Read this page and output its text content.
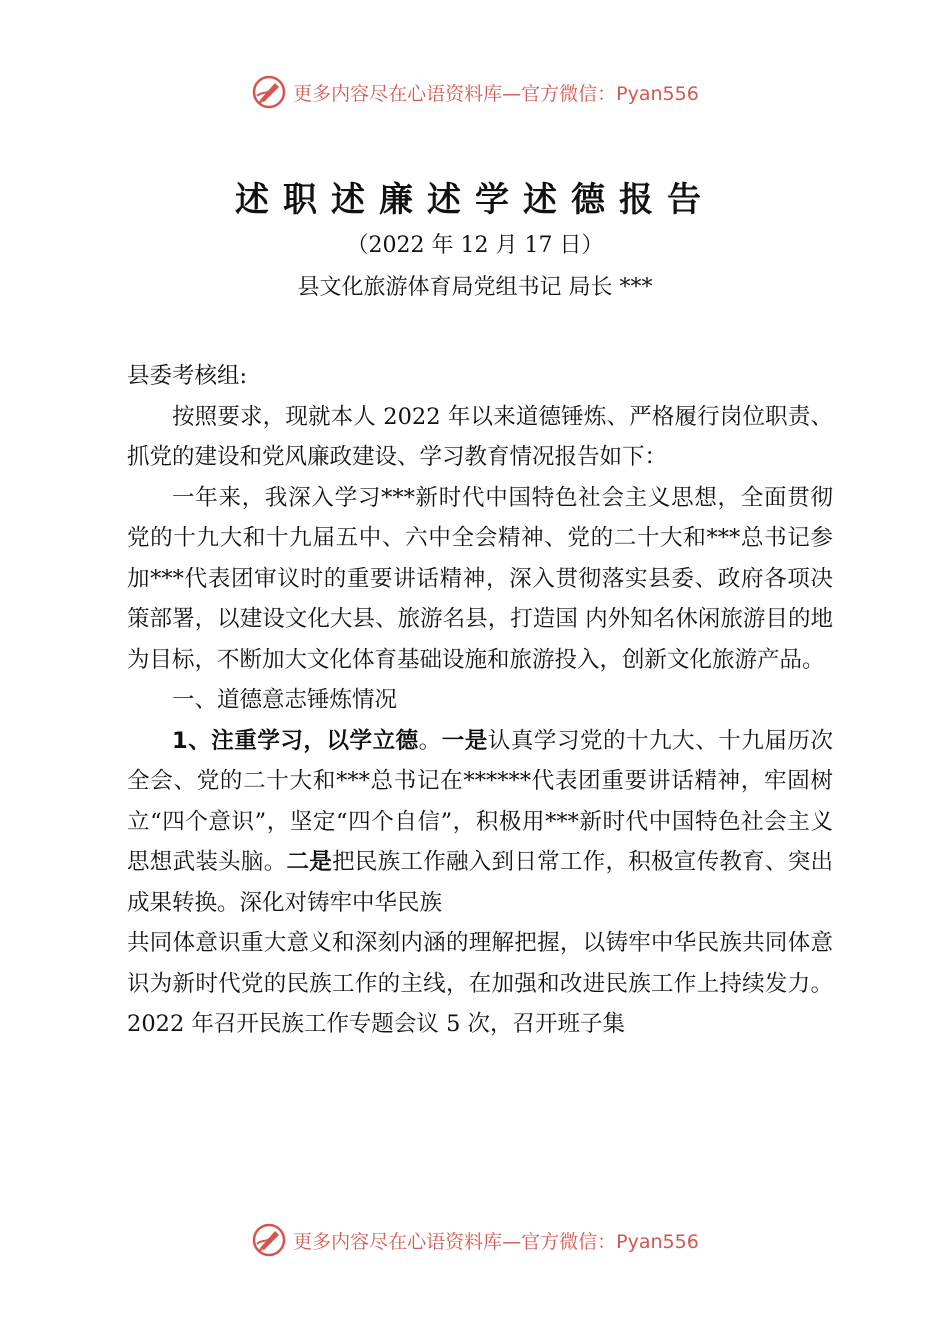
更多内容尽在心语资料库—官方微信：Pyan556
述职述廉述学述德报告
（2022 年 12 月 17 日）
县文化旅游体育局党组书记 局长 ***

县委考核组:

按照要求，现就本人 2022 年以来道德锤炼、严格履行岗位职责、抓党的建设和党风廉政建设、学习教育情况报告如下：

一年来，我深入学习***新时代中国特色社会主义思想，全面贯彻党的十九大和十九届五中、六中全会精神、党的二十大和***总书记参加***代表团审议时的重要讲话精神，深入贯彻落实县委、政府各项决策部署，以建设文化大县、旅游名县，打造国 内外知名休闲旅游目的地为目标，不断加大文化体育基础设施和旅游投入，创新文化旅游产品。

一、道德意志锤炼情况

1、注重学习，以学立德。一是认真学习党的十九大、十九届历次全会、党的二十大和***总书记在******代表团重要讲话精神，牢固树立“四个意识”，坚定“四个自信”，积极用***新时代中国特色社会主义思想武装头脑。二是把民族工作融入到日常工作，积极宣传教育、突出成果转换。深化对铸牢中华民族

共同体意识重大意义和深刻内涵的理解把握，以铸牢中华民族共同体意识为新时代党的民族工作的主线，在加强和改进民族工作上持续发力。2022 年召开民族工作专题会议 5 次，召开班子集

更多内容尽在心语资料库—官方微信：Pyan556
